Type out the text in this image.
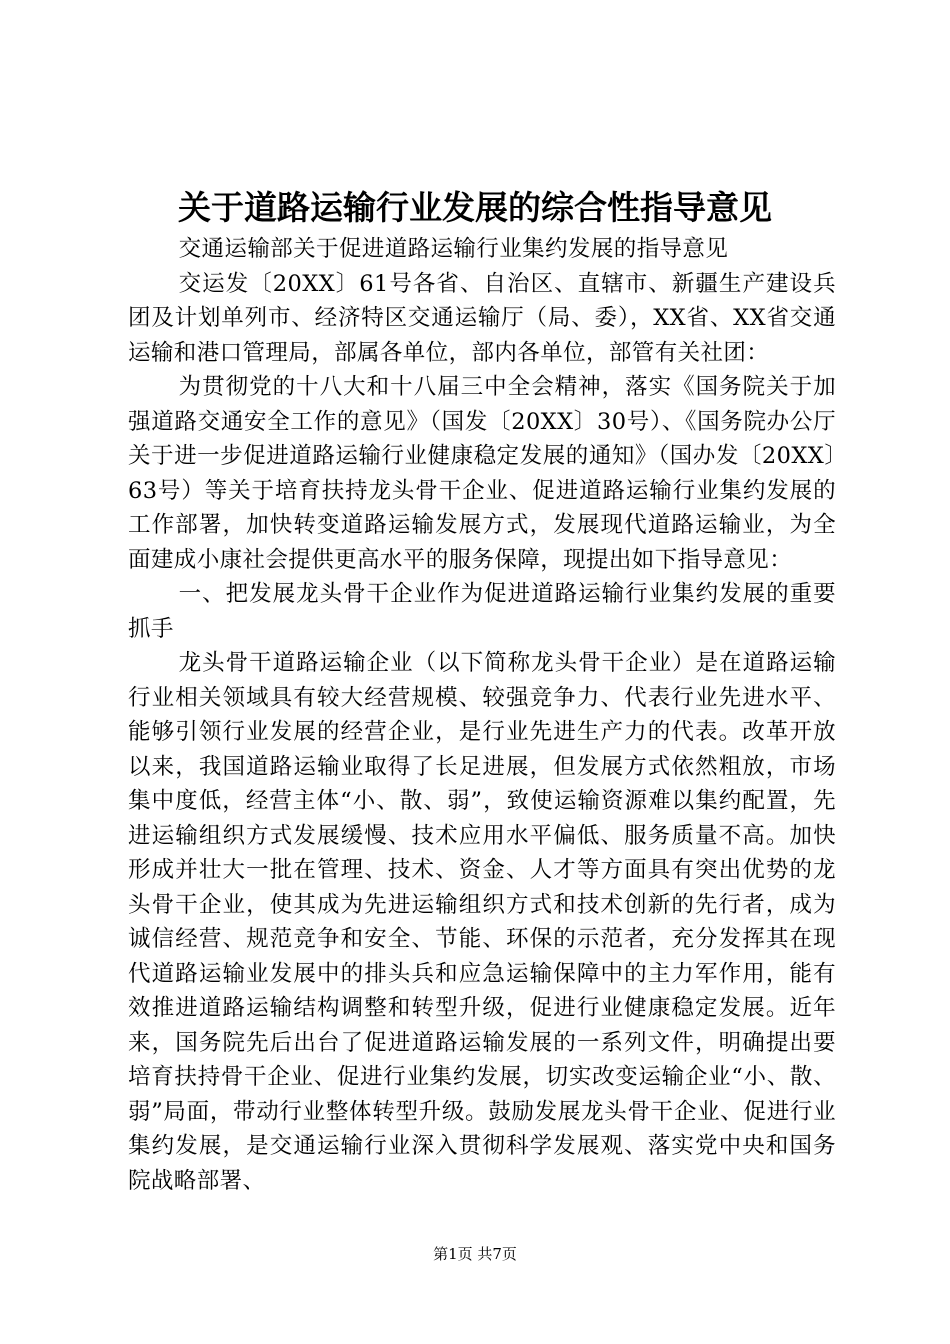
关于道路运输行业发展的综合性指导意见

交通运输部关于促进道路运输行业集约发展的指导意见

交运发〔20XX〕61号各省、自治区、直辖市、新疆生产建设兵团及计划单列市、经济特区交通运输厅（局、委），XX省、XX省交通运输和港口管理局，部属各单位，部内各单位，部管有关社团：

为贯彻党的十八大和十八届三中全会精神，落实《国务院关于加强道路交通安全工作的意见》（国发〔20XX〕30号）、《国务院办公厅关于进一步促进道路运输行业健康稳定发展的通知》（国办发〔20XX〕63号）等关于培育扶持龙头骨干企业、促进道路运输行业集约发展的工作部署，加快转变道路运输发展方式，发展现代道路运输业，为全面建成小康社会提供更高水平的服务保障，现提出如下指导意见：

一、把发展龙头骨干企业作为促进道路运输行业集约发展的重要抓手

龙头骨干道路运输企业（以下简称龙头骨干企业）是在道路运输行业相关领域具有较大经营规模、较强竞争力、代表行业先进水平、能够引领行业发展的经营企业，是行业先进生产力的代表。改革开放以来，我国道路运输业取得了长足进展，但发展方式依然粗放，市场集中度低，经营主体“小、散、弱”，致使运输资源难以集约配置，先进运输组织方式发展缓慢、技术应用水平偏低、服务质量不高。加快形成并壮大一批在管理、技术、资金、人才等方面具有突出优势的龙头骨干企业，使其成为先进运输组织方式和技术创新的先行者，成为诚信经营、规范竞争和安全、节能、环保的示范者，充分发挥其在现代道路运输业发展中的排头兵和应急运输保障中的主力军作用，能有效推进道路运输结构调整和转型升级，促进行业健康稳定发展。近年来，国务院先后出台了促进道路运输发展的一系列文件，明确提出要培育扶持骨干企业、促进行业集约发展，切实改变运输企业“小、散、弱”局面，带动行业整体转型升级。鼓励发展龙头骨干企业、促进行业集约发展，是交通运输行业深入贯彻科学发展观、落实党中央和国务院战略部署、

第1页 共7页
